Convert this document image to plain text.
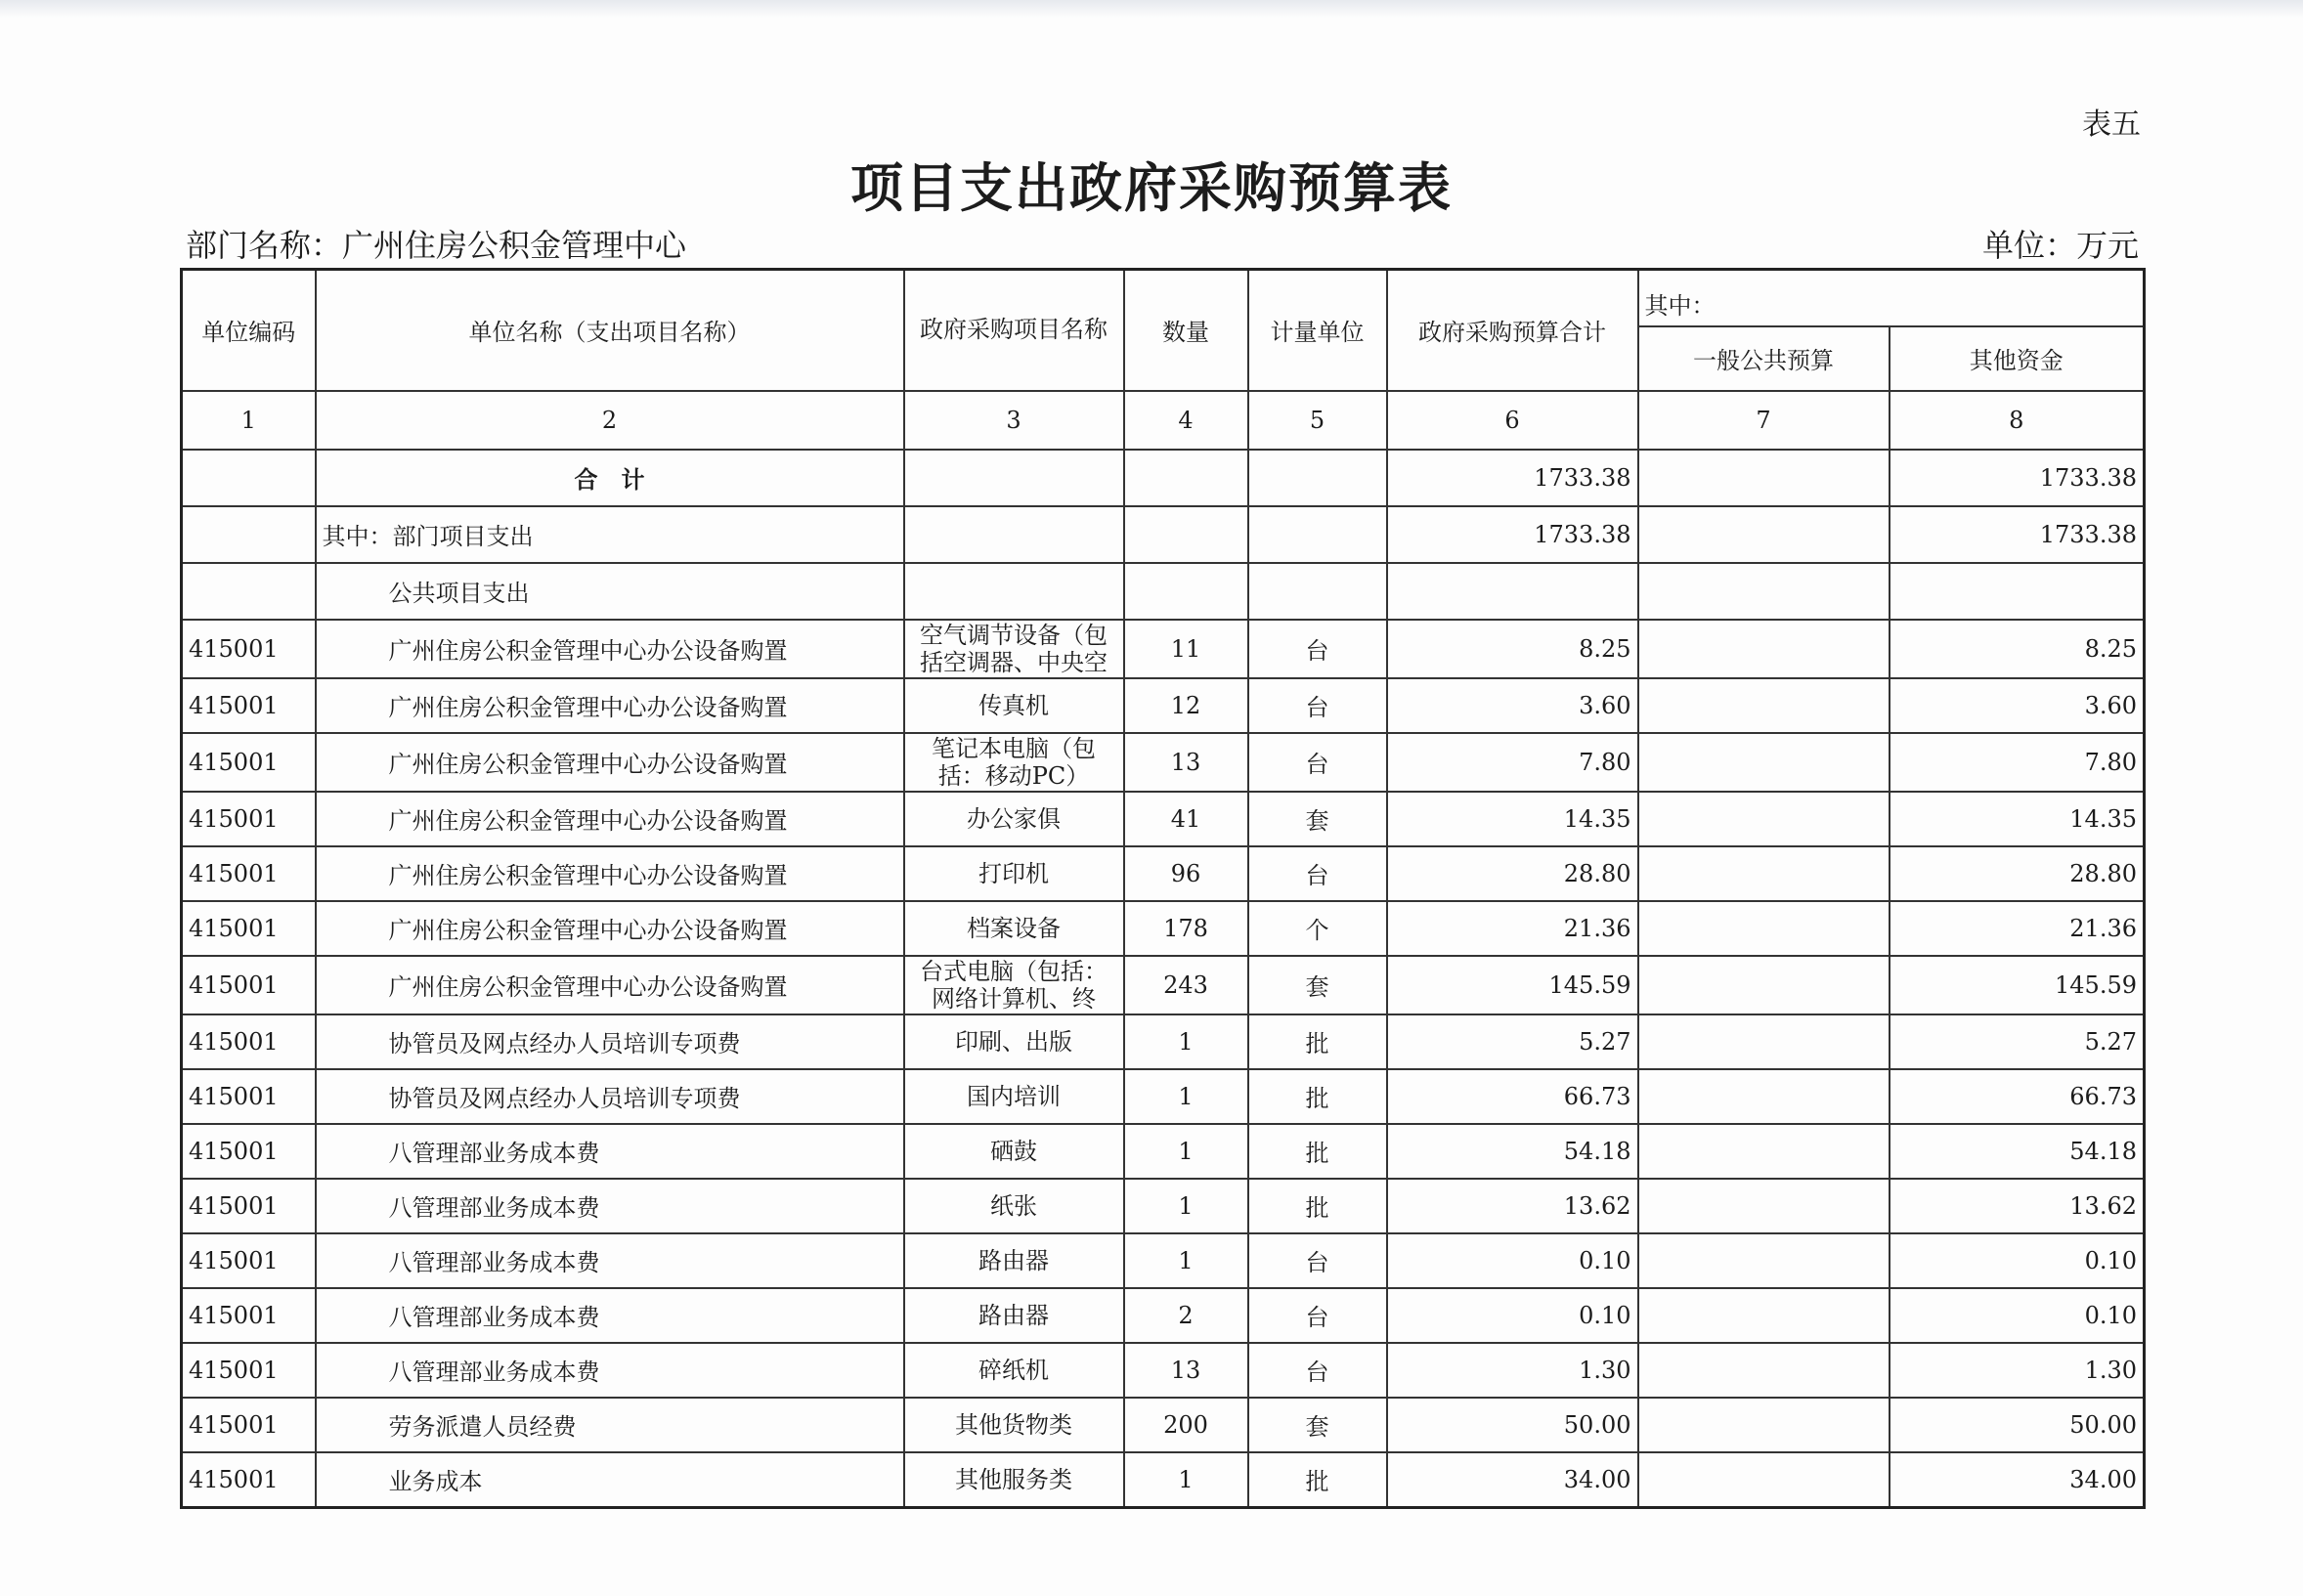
表五
项目支出政府采购预算表
部门名称：广州住房公积金管理中心	单位：万元
单位编码	单位名称（支出项目名称）	政府采购项目名称	数量	计量单位	政府采购预算合计	其中：	
						一般公共预算	其他资金
1	2	3	4	5	6	7	8
	合　计				1733.38		1733.38
	其中：部门项目支出				1733.38		1733.38
	公共项目支出						
415001	广州住房公积金管理中心办公设备购置	空气调节设备（包括空调器、中央空	11	台	8.25		8.25
415001	广州住房公积金管理中心办公设备购置	传真机	12	台	3.60		3.60
415001	广州住房公积金管理中心办公设备购置	笔记本电脑（包括：移动PC）	13	台	7.80		7.80
415001	广州住房公积金管理中心办公设备购置	办公家俱	41	套	14.35		14.35
415001	广州住房公积金管理中心办公设备购置	打印机	96	台	28.80		28.80
415001	广州住房公积金管理中心办公设备购置	档案设备	178	个	21.36		21.36
415001	广州住房公积金管理中心办公设备购置	台式电脑（包括：网络计算机、终	243	套	145.59		145.59
415001	协管员及网点经办人员培训专项费	印刷、出版	1	批	5.27		5.27
415001	协管员及网点经办人员培训专项费	国内培训	1	批	66.73		66.73
415001	八管理部业务成本费	硒鼓	1	批	54.18		54.18
415001	八管理部业务成本费	纸张	1	批	13.62		13.62
415001	八管理部业务成本费	路由器	1	台	0.10		0.10
415001	八管理部业务成本费	路由器	2	台	0.10		0.10
415001	八管理部业务成本费	碎纸机	13	台	1.30		1.30
415001	劳务派遣人员经费	其他货物类	200	套	50.00		50.00
415001	业务成本	其他服务类	1	批	34.00		34.00
